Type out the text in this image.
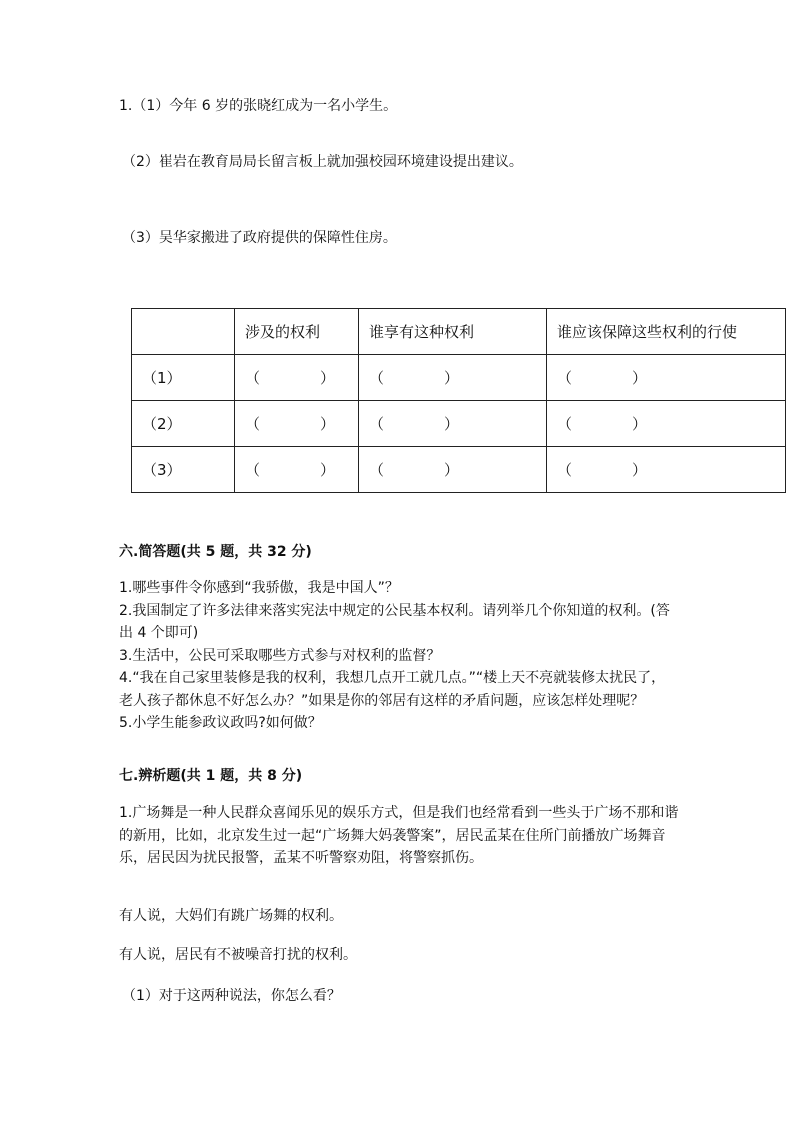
1.（1）今年 6 岁的张晓红成为一名小学生。
（2）崔岩在教育局局长留言板上就加强校园环境建设提出建议。
（3）吴华家搬进了政府提供的保障性住房。
	涉及的权利	谁享有这种权利	谁应该保障这些权利的行使
（1）	（　　　　）	（　　　　）	（　　　　）
（2）	（　　　　）	（　　　　）	（　　　　）
（3）	（　　　　）	（　　　　）	（　　　　）
六.简答题(共 5 题，共 32 分)
1.哪些事件令你感到“我骄傲，我是中国人”？
2.我国制定了许多法律来落实宪法中规定的公民基本权利。请列举几个你知道的权利。(答出 4 个即可)
3.生活中，公民可采取哪些方式参与对权利的监督？
4.“我在自己家里装修是我的权利，我想几点开工就几点。”“楼上天不亮就装修太扰民了，老人孩子都休息不好怎么办？”如果是你的邻居有这样的矛盾问题，应该怎样处理呢？
5.小学生能参政议政吗?如何做？
七.辨析题(共 1 题，共 8 分)
1.广场舞是一种人民群众喜闻乐见的娱乐方式，但是我们也经常看到一些头于广场不那和谐的新用，比如，北京发生过一起“广场舞大妈袭警案”，居民孟某在住所门前播放广场舞音乐，居民因为扰民报警，孟某不听警察劝阻，将警察抓伤。
有人说，大妈们有跳广场舞的权利。
有人说，居民有不被噪音打扰的权利。
（1）对于这两种说法，你怎么看？
